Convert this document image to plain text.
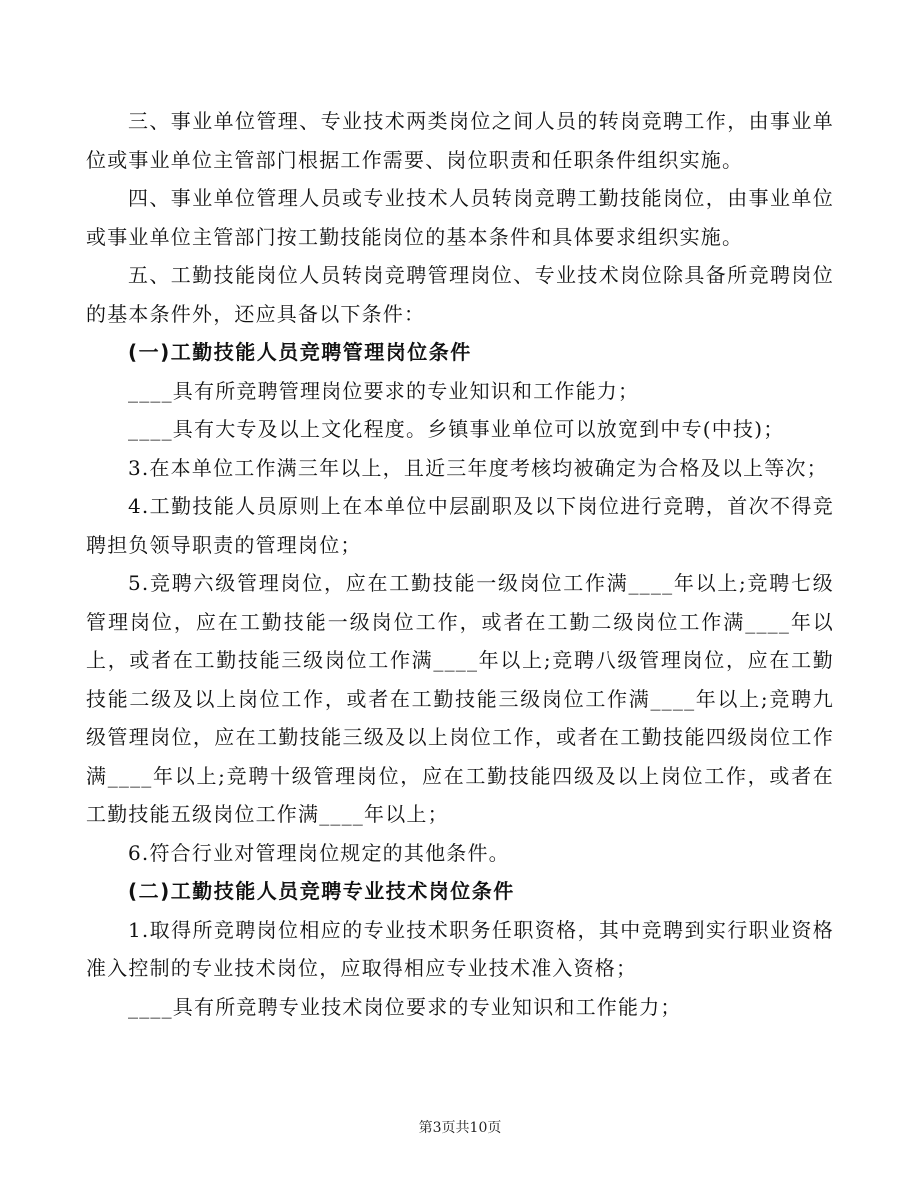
三、事业单位管理、专业技术两类岗位之间人员的转岗竞聘工作，由事业单位或事业单位主管部门根据工作需要、岗位职责和任职条件组织实施。

四、事业单位管理人员或专业技术人员转岗竞聘工勤技能岗位，由事业单位或事业单位主管部门按工勤技能岗位的基本条件和具体要求组织实施。

五、工勤技能岗位人员转岗竞聘管理岗位、专业技术岗位除具备所竞聘岗位的基本条件外，还应具备以下条件：

(一)工勤技能人员竞聘管理岗位条件

____具有所竞聘管理岗位要求的专业知识和工作能力；

____具有大专及以上文化程度。乡镇事业单位可以放宽到中专(中技)；

3.在本单位工作满三年以上，且近三年度考核均被确定为合格及以上等次；

4.工勤技能人员原则上在本单位中层副职及以下岗位进行竞聘，首次不得竞聘担负领导职责的管理岗位；

5.竞聘六级管理岗位，应在工勤技能一级岗位工作满____年以上;竞聘七级管理岗位，应在工勤技能一级岗位工作，或者在工勤二级岗位工作满____年以上，或者在工勤技能三级岗位工作满____年以上;竞聘八级管理岗位，应在工勤技能二级及以上岗位工作，或者在工勤技能三级岗位工作满____年以上;竞聘九级管理岗位，应在工勤技能三级及以上岗位工作，或者在工勤技能四级岗位工作满____年以上;竞聘十级管理岗位，应在工勤技能四级及以上岗位工作，或者在工勤技能五级岗位工作满____年以上；

6.符合行业对管理岗位规定的其他条件。

(二)工勤技能人员竞聘专业技术岗位条件

1.取得所竞聘岗位相应的专业技术职务任职资格，其中竞聘到实行职业资格准入控制的专业技术岗位，应取得相应专业技术准入资格；

____具有所竞聘专业技术岗位要求的专业知识和工作能力；

第3页共10页
